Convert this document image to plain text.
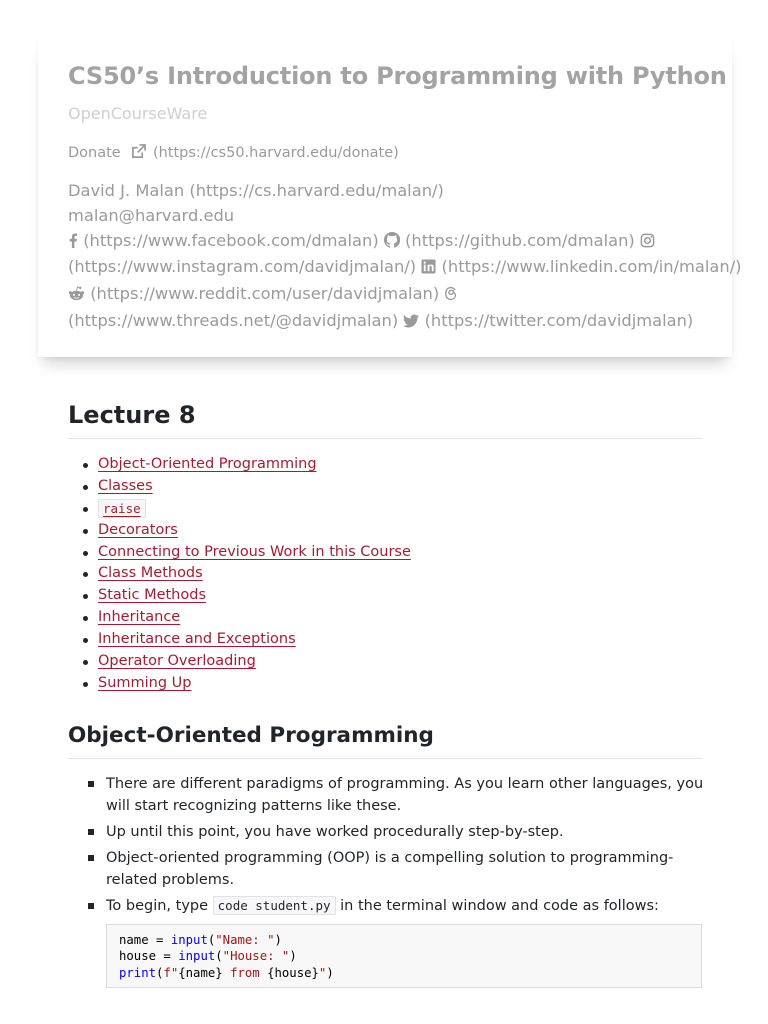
CS50’s Introduction to Programming with Python
OpenCourseWare
Donate (https://cs50.harvard.edu/donate)
David J. Malan (https://cs.harvard.edu/malan/)
malan@harvard.edu
(https://www.facebook.com/dmalan) (https://github.com/dmalan)
(https://www.instagram.com/davidjmalan/) (https://www.linkedin.com/in/malan/)
(https://www.reddit.com/user/davidjmalan)
(https://www.threads.net/@davidjmalan) (https://twitter.com/davidjmalan)
Lecture 8
Object-Oriented Programming
Classes
raise
Decorators
Connecting to Previous Work in this Course
Class Methods
Static Methods
Inheritance
Inheritance and Exceptions
Operator Overloading
Summing Up
Object-Oriented Programming
There are different paradigms of programming. As you learn other languages, you will start recognizing patterns like these.
Up until this point, you have worked procedurally step-by-step.
Object-oriented programming (OOP) is a compelling solution to programming-related problems.
To begin, type code student.py in the terminal window and code as follows:
name = input("Name: ")
house = input("House: ")
print(f"{name} from {house}")
